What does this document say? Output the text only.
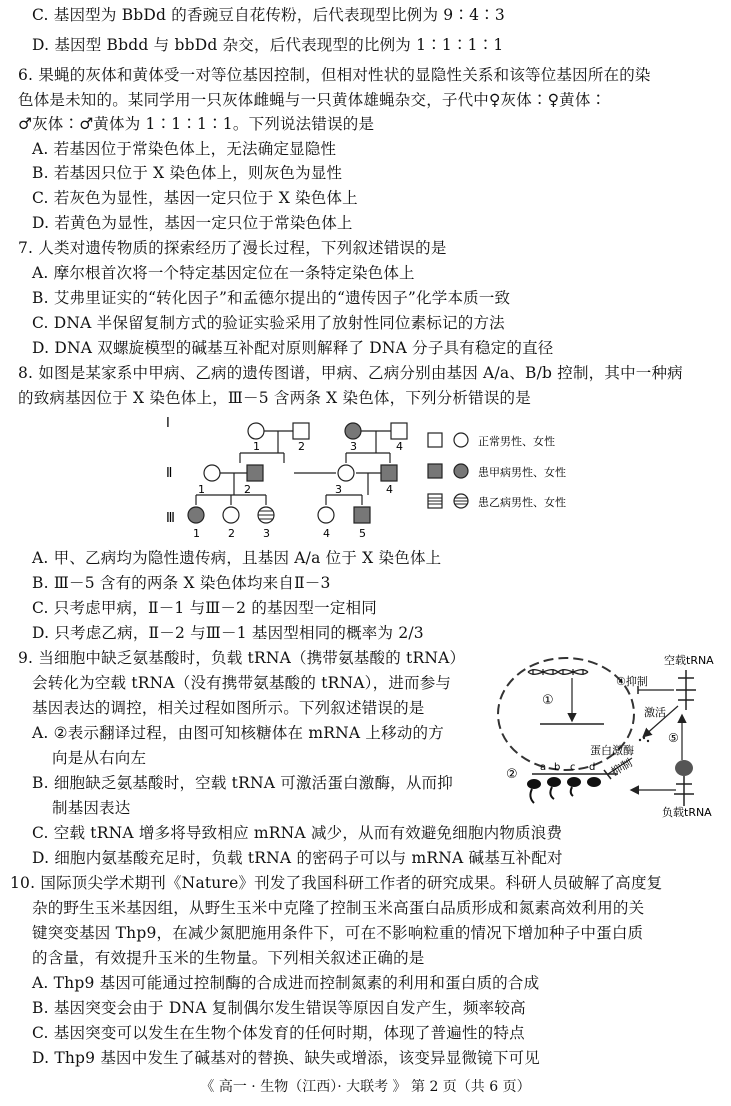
C. 基因型为 BbDd 的香豌豆自花传粉，后代表现型比例为 9∶4∶3
D. 基因型 Bbdd 与 bbDd 杂交，后代表现型的比例为 1∶1∶1∶1
6. 果蝇的灰体和黄体受一对等位基因控制，但相对性状的显隐性关系和该等位基因所在的染
色体是未知的。某同学用一只灰体雌蝇与一只黄体雄蝇杂交，子代中♀灰体∶♀黄体∶
♂灰体∶♂黄体为 1∶1∶1∶1。下列说法错误的是
A. 若基因位于常染色体上，无法确定显隐性
B. 若基因只位于 X 染色体上，则灰色为显性
C. 若灰色为显性，基因一定只位于 X 染色体上
D. 若黄色为显性，基因一定只位于常染色体上
7. 人类对遗传物质的探索经历了漫长过程，下列叙述错误的是
A. 摩尔根首次将一个特定基因定位在一条特定染色体上
B. 艾弗里证实的“转化因子”和孟德尔提出的“遗传因子”化学本质一致
C. DNA 半保留复制方式的验证实验采用了放射性同位素标记的方法
D. DNA 双螺旋模型的碱基互补配对原则解释了 DNA 分子具有稳定的直径
8. 如图是某家系中甲病、乙病的遗传图谱，甲病、乙病分别由基因 A/a、B/b 控制，其中一种病
的致病基因位于 X 染色体上，Ⅲ－5 含两条 X 染色体，下列分析错误的是
Ⅰ
Ⅱ
Ⅲ
1	2	3	4
1	2	3	4
1	2	3	4	5
正常男性、女性
患甲病男性、女性
患乙病男性、女性
A. 甲、乙病均为隐性遗传病，且基因 A/a 位于 X 染色体上
B. Ⅲ－5 含有的两条 X 染色体均来自Ⅱ－3
C. 只考虑甲病，Ⅱ－1 与Ⅲ－2 的基因型一定相同
D. 只考虑乙病，Ⅱ－2 与Ⅲ－1 基因型相同的概率为 2/3
9. 当细胞中缺乏氨基酸时，负载 tRNA（携带氨基酸的 tRNA）
会转化为空载 tRNA（没有携带氨基酸的 tRNA），进而参与
基因表达的调控，相关过程如图所示。下列叙述错误的是
A. ②表示翻译过程，由图可知核糖体在 mRNA 上移动的方
向是从右向左
B. 细胞缺乏氨基酸时，空载 tRNA 可激活蛋白激酶，从而抑
制基因表达
C. 空载 tRNA 增多将导致相应 mRNA 减少，从而有效避免细胞内物质浪费
D. 细胞内氨基酸充足时，负载 tRNA 的密码子可以与 mRNA 碱基互补配对
①
② a b c d
空载tRNA
④抑制
激活
蛋白激酶
抑制
⑤
负载tRNA
10. 国际顶尖学术期刊《Nature》刊发了我国科研工作者的研究成果。科研人员破解了高度复
杂的野生玉米基因组，从野生玉米中克隆了控制玉米高蛋白品质形成和氮素高效利用的关
键突变基因 Thp9，在减少氮肥施用条件下，可在不影响粒重的情况下增加种子中蛋白质
的含量，有效提升玉米的生物量。下列相关叙述正确的是
A. Thp9 基因可能通过控制酶的合成进而控制氮素的利用和蛋白质的合成
B. 基因突变会由于 DNA 复制偶尔发生错误等原因自发产生，频率较高
C. 基因突变可以发生在生物个体发育的任何时期，体现了普遍性的特点
D. Thp9 基因中发生了碱基对的替换、缺失或增添，该变异显微镜下可见
《 高一 · 生物（江西）· 大联考 》 第 2 页（共 6 页）
